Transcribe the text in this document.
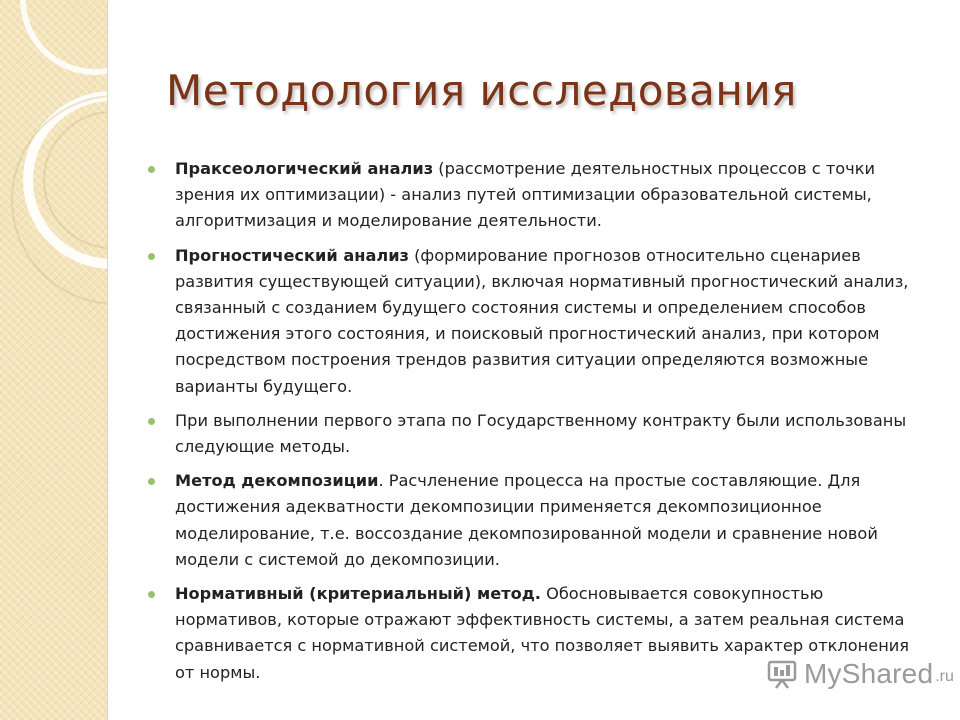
Методология исследования
Праксеологический анализ (рассмотрение деятельностных процессов с точки зрения их оптимизации) - анализ путей оптимизации образовательной системы, алгоритмизация и моделирование деятельности.
Прогностический анализ (формирование прогнозов относительно сценариев развития существующей ситуации), включая нормативный прогностический анализ, связанный с созданием будущего состояния системы и определением способов достижения этого состояния, и поисковый прогностический анализ, при котором посредством построения трендов развития ситуации определяются возможные варианты будущего.
При выполнении первого этапа по Государственному контракту были использованы следующие методы.
Метод декомпозиции. Расчленение процесса на простые составляющие. Для достижения адекватности декомпозиции применяется декомпозиционное моделирование, т.е. воссоздание декомпозированной модели и сравнение новой модели с системой до декомпозиции.
Нормативный (критериальный) метод. Обосновывается совокупностью нормативов, которые отражают эффективность системы, а затем реальная система сравнивается с нормативной системой, что позволяет выявить характер отклонения от нормы.	MyShared .ru
